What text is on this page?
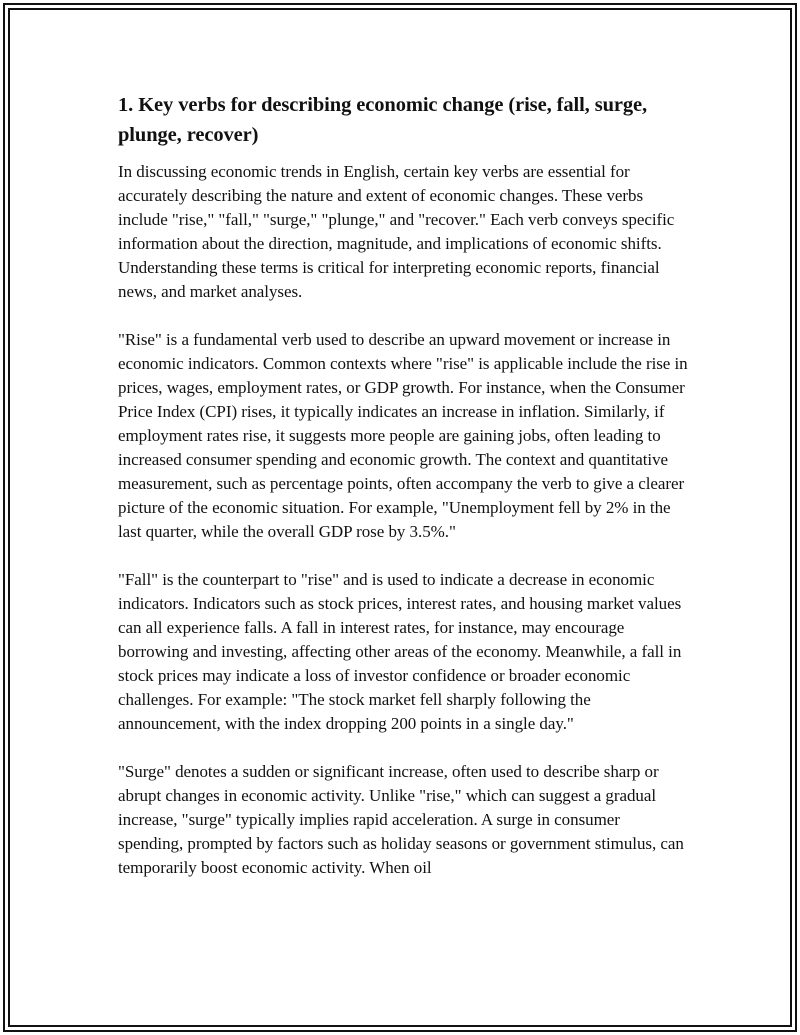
1. Key verbs for describing economic change (rise, fall, surge, plunge, recover)

In discussing economic trends in English, certain key verbs are essential for accurately describing the nature and extent of economic changes. These verbs include "rise," "fall," "surge," "plunge," and "recover." Each verb conveys specific information about the direction, magnitude, and implications of economic shifts. Understanding these terms is critical for interpreting economic reports, financial news, and market analyses.

"Rise" is a fundamental verb used to describe an upward movement or increase in economic indicators. Common contexts where "rise" is applicable include the rise in prices, wages, employment rates, or GDP growth. For instance, when the Consumer Price Index (CPI) rises, it typically indicates an increase in inflation. Similarly, if employment rates rise, it suggests more people are gaining jobs, often leading to increased consumer spending and economic growth. The context and quantitative measurement, such as percentage points, often accompany the verb to give a clearer picture of the economic situation. For example, "Unemployment fell by 2% in the last quarter, while the overall GDP rose by 3.5%."

"Fall" is the counterpart to "rise" and is used to indicate a decrease in economic indicators. Indicators such as stock prices, interest rates, and housing market values can all experience falls. A fall in interest rates, for instance, may encourage borrowing and investing, affecting other areas of the economy. Meanwhile, a fall in stock prices may indicate a loss of investor confidence or broader economic challenges. For example: "The stock market fell sharply following the announcement, with the index dropping 200 points in a single day."

"Surge" denotes a sudden or significant increase, often used to describe sharp or abrupt changes in economic activity. Unlike "rise," which can suggest a gradual increase, "surge" typically implies rapid acceleration. A surge in consumer spending, prompted by factors such as holiday seasons or government stimulus, can temporarily boost economic activity. When oil
